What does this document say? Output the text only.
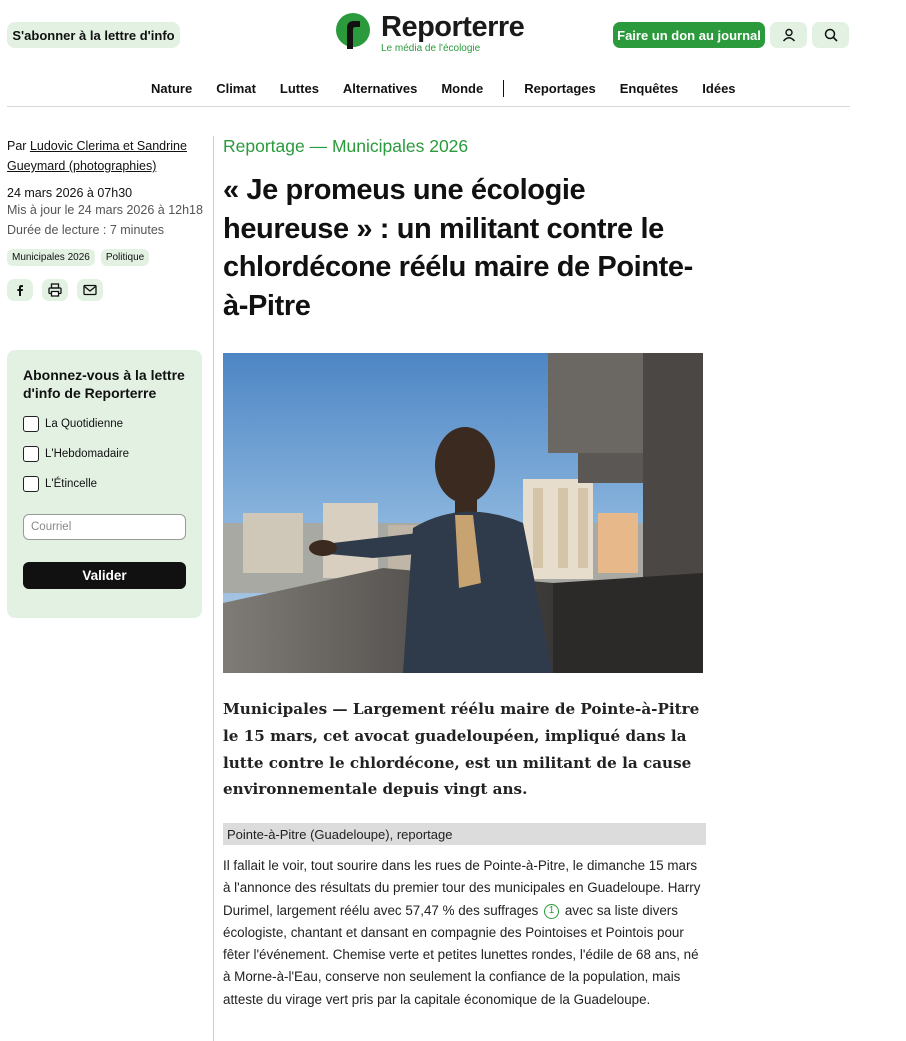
S'abonner à la lettre d'info	Reporterre
Le média de l'écologie
Faire un don au journal
Nature Climat Luttes Alternatives Monde	Reportages Enquêtes Idées
Par Ludovic Clerima et Sandrine Gueymard (photographies)
24 mars 2026 à 07h30
Mis à jour le 24 mars 2026 à 12h18
Durée de lecture : 7 minutes
Municipales 2026	Politique
Abonnez-vous à la lettre d'info de Reporterre
La Quotidienne
L'Hebdomadaire
L'Étincelle
Courriel Valider
Reportage — Municipales 2026
« Je promeus une écologie heureuse » : un militant contre le chlordécone réélu maire de Pointe-à-Pitre

Municipales — Largement réélu maire de Pointe-à-Pitre le 15 mars, cet avocat guadeloupéen, impliqué dans la lutte contre le chlordécone, est un militant de la cause environnementale depuis vingt ans.

Pointe-à-Pitre (Guadeloupe), reportage

Il fallait le voir, tout sourire dans les rues de Pointe-à-Pitre, le dimanche 15 mars à l'annonce des résultats du premier tour des municipales en Guadeloupe. Harry Durimel, largement réélu avec 57,47 % des suffrages 1 avec sa liste divers écologiste, chantant et dansant en compagnie des Pointoises et Pointois pour fêter l'événement. Chemise verte et petites lunettes rondes, l'édile de 68 ans, né à Morne-à-l'Eau, conserve non seulement la confiance de la population, mais atteste du virage vert pris par la capitale économique de la Guadeloupe.
